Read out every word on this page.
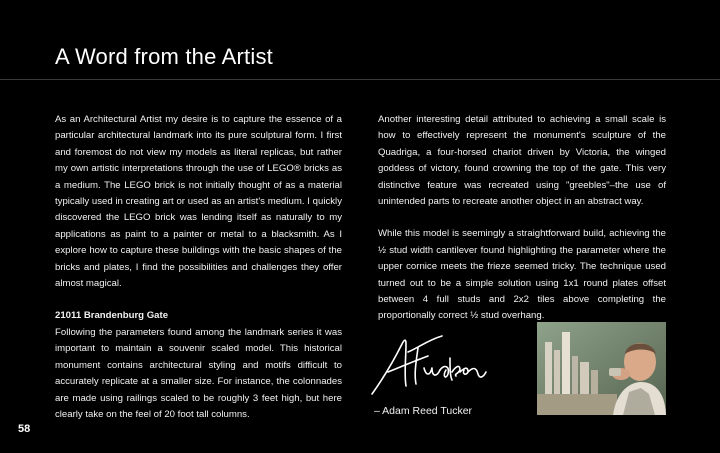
A Word from the Artist

As an Architectural Artist my desire is to capture the essence of a particular architectural landmark into its pure sculptural form. I first and foremost do not view my models as literal replicas, but rather my own artistic interpretations through the use of LEGO® bricks as a medium. The LEGO brick is not initially thought of as a material typically used in creating art or used as an artist's medium. I quickly discovered the LEGO brick was lending itself as naturally to my applications as paint to a painter or metal to a blacksmith. As I explore how to capture these buildings with the basic shapes of the bricks and plates, I find the possibilities and challenges they offer almost magical.

21011 Brandenburg Gate

Following the parameters found among the landmark series it was important to maintain a souvenir scaled model. This historical monument contains architectural styling and motifs difficult to accurately replicate at a smaller size. For instance, the colonnades are made using railings scaled to be roughly 3 feet high, but here clearly take on the feel of 20 foot tall columns.

Another interesting detail attributed to achieving a small scale is how to effectively represent the monument's sculpture of the Quadriga, a four-horsed chariot driven by Victoria, the winged goddess of victory, found crowning the top of the gate. This very distinctive feature was recreated using "greebles"–the use of unintended parts to recreate another object in an abstract way.

While this model is seemingly a straightforward build, achieving the ½ stud width cantilever found highlighting the parameter where the upper cornice meets the frieze seemed tricky. The technique used turned out to be a simple solution using 1x1 round plates offset between 4 full studs and 2x2 tiles above completing the proportionally correct ½ stud overhang.

– Adam Reed Tucker
58
